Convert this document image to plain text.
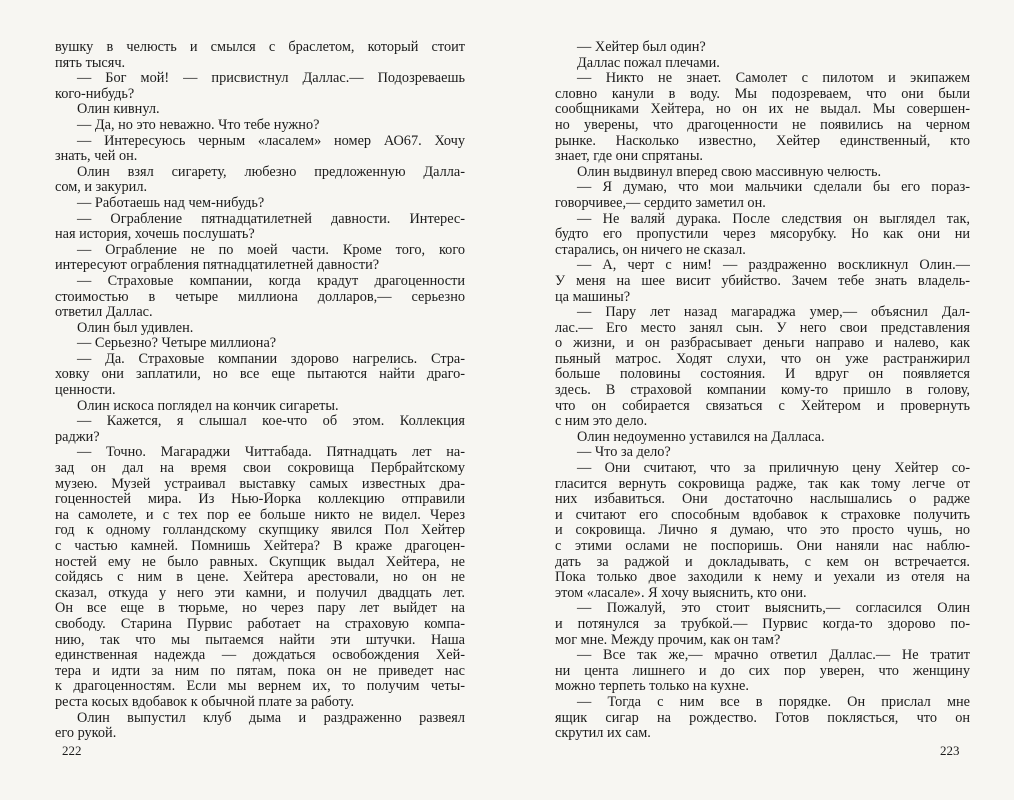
вушку в челюсть и смылся с браслетом, который стоит
пять тысяч.
— Бог мой! — присвистнул Даллас.— Подозреваешь
кого-нибудь?
Олин кивнул.
— Да, но это неважно. Что тебе нужно?
— Интересуюсь черным «ласалем» номер АО67. Хочу
знать, чей он.
Олин взял сигарету, любезно предложенную Далла-
сом, и закурил.
— Работаешь над чем-нибудь?
— Ограбление пятнадцатилетней давности. Интерес-
ная история, хочешь послушать?
— Ограбление не по моей части. Кроме того, кого
интересуют ограбления пятнадцатилетней давности?
— Страховые компании, когда крадут драгоценности
стоимостью в четыре миллиона долларов,— серьезно
ответил Даллас.
Олин был удивлен.
— Серьезно? Четыре миллиона?
— Да. Страховые компании здорово нагрелись. Стра-
ховку они заплатили, но все еще пытаются найти драго-
ценности.
Олин искоса поглядел на кончик сигареты.
— Кажется, я слышал кое-что об этом. Коллекция
раджи?
— Точно. Магараджи Читтабада. Пятнадцать лет на-
зад он дал на время свои сокровища Пербрайтскому
музею. Музей устраивал выставку самых известных дра-
гоценностей мира. Из Нью-Йорка коллекцию отправили
на самолете, и с тех пор ее больше никто не видел. Через
год к одному голландскому скупщику явился Пол Хейтер
с частью камней. Помнишь Хейтера? В краже драгоцен-
ностей ему не было равных. Скупщик выдал Хейтера, не
сойдясь с ним в цене. Хейтера арестовали, но он не
сказал, откуда у него эти камни, и получил двадцать лет.
Он все еще в тюрьме, но через пару лет выйдет на
свободу. Старина Пурвис работает на страховую компа-
нию, так что мы пытаемся найти эти штучки. Наша
единственная надежда — дождаться освобождения Хей-
тера и идти за ним по пятам, пока он не приведет нас
к драгоценностям. Если мы вернем их, то получим четы-
реста косых вдобавок к обычной плате за работу.
Олин выпустил клуб дыма и раздраженно развеял
его рукой.
— Хейтер был один?
Даллас пожал плечами.
— Никто не знает. Самолет с пилотом и экипажем
словно канули в воду. Мы подозреваем, что они были
сообщниками Хейтера, но он их не выдал. Мы совершен-
но уверены, что драгоценности не появились на черном
рынке. Насколько известно, Хейтер единственный, кто
знает, где они спрятаны.
Олин выдвинул вперед свою массивную челюсть.
— Я думаю, что мои мальчики сделали бы его пораз-
говорчивее,— сердито заметил он.
— Не валяй дурака. После следствия он выглядел так,
будто его пропустили через мясорубку. Но как они ни
старались, он ничего не сказал.
— А, черт с ним! — раздраженно воскликнул Олин.—
У меня на шее висит убийство. Зачем тебе знать владель-
ца машины?
— Пару лет назад магараджа умер,— объяснил Дал-
лас.— Его место занял сын. У него свои представления
о жизни, и он разбрасывает деньги направо и налево, как
пьяный матрос. Ходят слухи, что он уже растранжирил
больше половины состояния. И вдруг он появляется
здесь. В страховой компании кому-то пришло в голову,
что он собирается связаться с Хейтером и провернуть
с ним это дело.
Олин недоуменно уставился на Далласа.
— Что за дело?
— Они считают, что за приличную цену Хейтер со-
гласится вернуть сокровища радже, так как тому легче от
них избавиться. Они достаточно наслышались о радже
и считают его способным вдобавок к страховке получить
и сокровища. Лично я думаю, что это просто чушь, но
с этими ослами не поспоришь. Они наняли нас наблю-
дать за раджой и докладывать, с кем он встречается.
Пока только двое заходили к нему и уехали из отеля на
этом «ласале». Я хочу выяснить, кто они.
— Пожалуй, это стоит выяснить,— согласился Олин
и потянулся за трубкой.— Пурвис когда-то здорово по-
мог мне. Между прочим, как он там?
— Все так же,— мрачно ответил Даллас.— Не тратит
ни цента лишнего и до сих пор уверен, что женщину
можно терпеть только на кухне.
— Тогда с ним все в порядке. Он прислал мне
ящик сигар на рождество. Готов поклясться, что он
скрутил их сам.
222	223
